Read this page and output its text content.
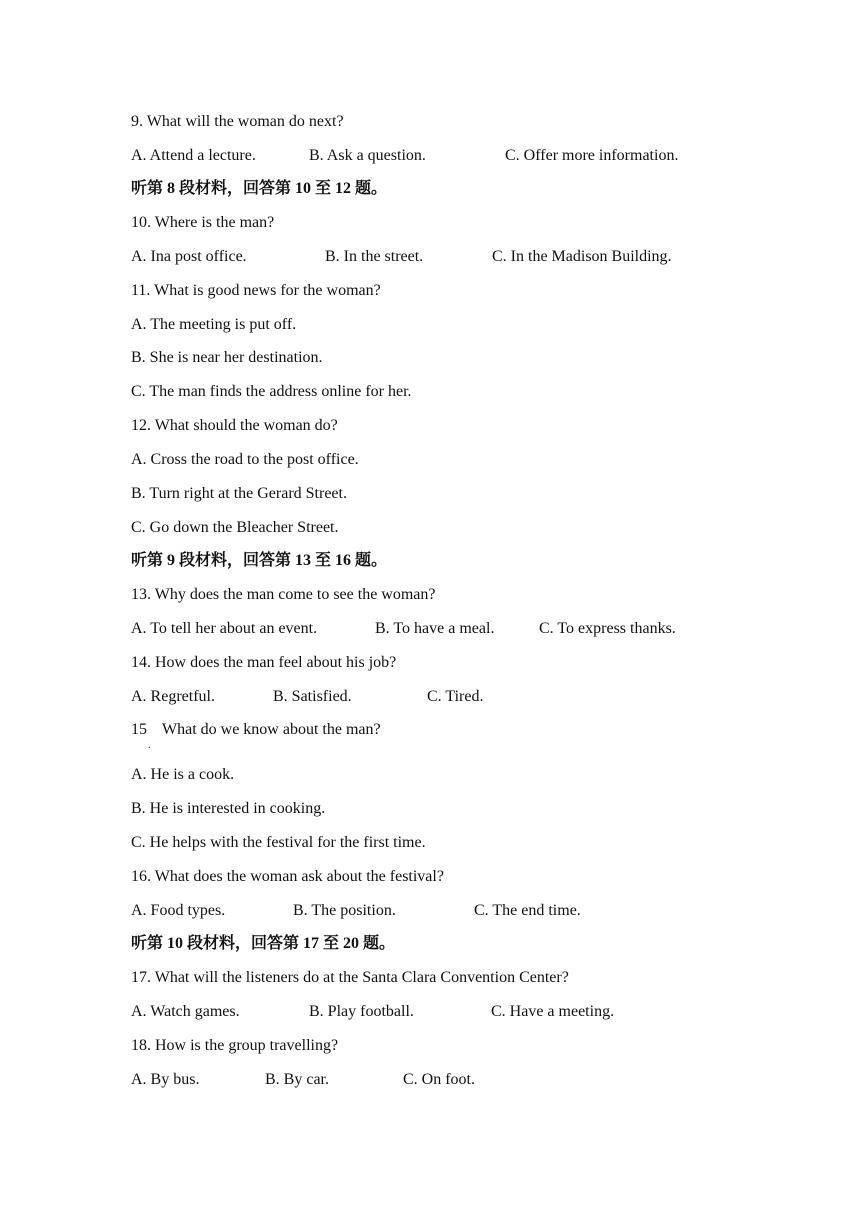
9. What will the woman do next?
A. Attend a lecture.	B. Ask a question.	C. Offer more information.
听第 8 段材料，回答第 10 至 12 题。
10. Where is the man?
A. Ina post office.	B. In the street.	C. In the Madison Building.
11. What is good news for the woman?
A. The meeting is put off.
B. She is near her destination.
C. The man finds the address online for her.
12. What should the woman do?
A. Cross the road to the post office.
B. Turn right at the Gerard Street.
C. Go down the Bleacher Street.
听第 9 段材料，回答第 13 至 16 题。
13. Why does the man come to see the woman?
A. To tell her about an event.	B. To have a meal.	C. To express thanks.
14. How does the man feel about his job?
A. Regretful.	B. Satisfied.	C. Tired.
15 What do we know about the man?
.
A. He is a cook.
B. He is interested in cooking.
C. He helps with the festival for the first time.
16. What does the woman ask about the festival?
A. Food types.	B. The position.	C. The end time.
听第 10 段材料，回答第 17 至 20 题。
17. What will the listeners do at the Santa Clara Convention Center?
A. Watch games.	B. Play football.	C. Have a meeting.
18. How is the group travelling?
A. By bus.	B. By car.	C. On foot.
